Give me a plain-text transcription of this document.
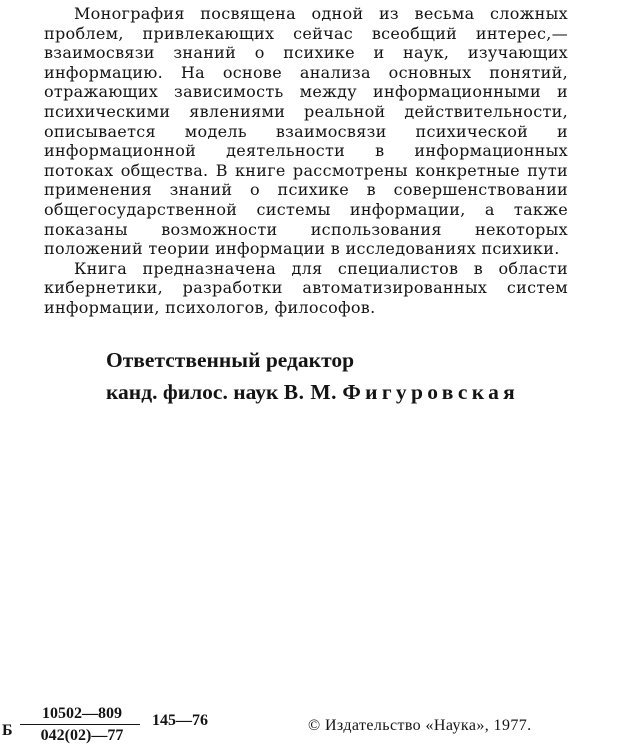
Монография посвящена одной из весьма сложных проблем, привлекающих сейчас всеобщий интерес,— взаимосвязи знаний о психике и наук, изучающих информацию. На основе анализа основных понятий, отражающих зависимость между информационными и психическими явлениями реальной действительности, описывается модель взаимосвязи психической и информационной деятельности в информационных потоках общества. В книге рассмотрены конкретные пути применения знаний о психике в совершенствовании общегосударственной системы информации, а также показаны возможности использования некоторых положений теории информации в исследованиях психики.

Книга предназначена для специалистов в области кибернетики, разработки автоматизированных систем информации, психологов, философов.

Ответственный редактор
канд. филос. наук В. М. Фигуровская
Б
10502—809
042(02)—77
145—76	© Издательство «Наука», 1977.
